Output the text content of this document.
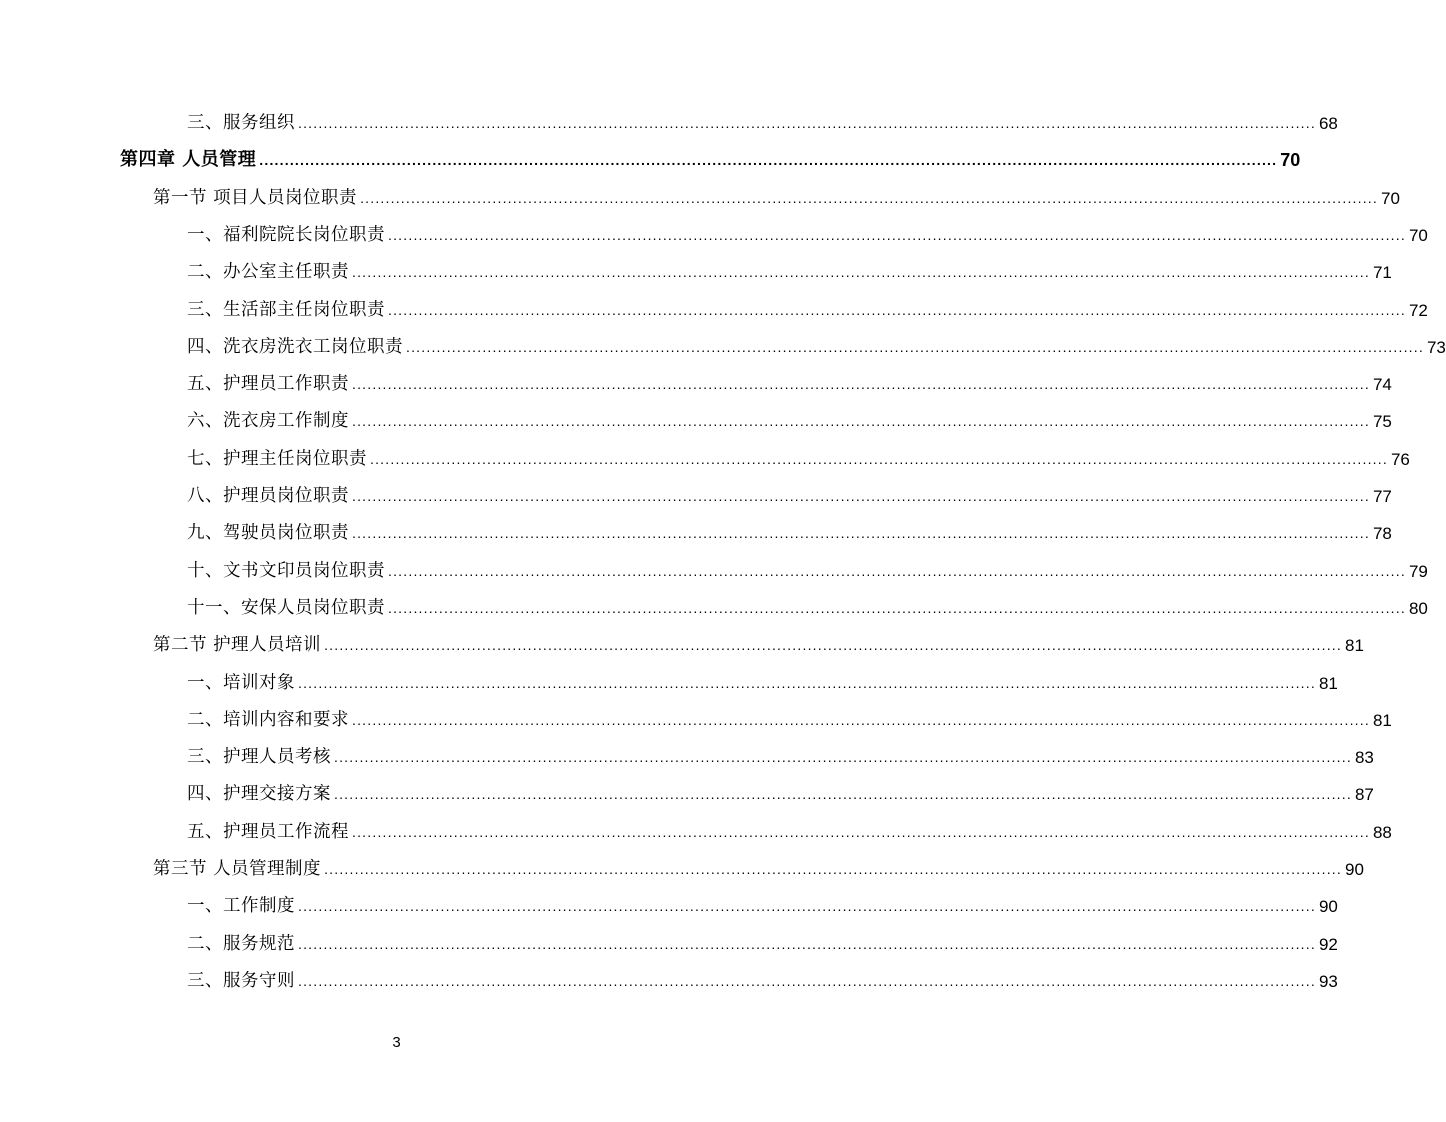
三、服务组织 ........................................................................................................................................................................................................ 68
第四章 人员管理 ........................................................................................................................................................................................................ 70
第一节 项目人员岗位职责 ........................................................................................................................................................................................................ 70
一、福利院院长岗位职责 ........................................................................................................................................................................................................ 70
二、办公室主任职责 ........................................................................................................................................................................................................ 71
三、生活部主任岗位职责 ........................................................................................................................................................................................................ 72
四、洗衣房洗衣工岗位职责 ........................................................................................................................................................................................................ 73
五、护理员工作职责 ........................................................................................................................................................................................................ 74
六、洗衣房工作制度 ........................................................................................................................................................................................................ 75
七、护理主任岗位职责 ........................................................................................................................................................................................................ 76
八、护理员岗位职责 ........................................................................................................................................................................................................ 77
九、驾驶员岗位职责 ........................................................................................................................................................................................................ 78
十、文书文印员岗位职责 ........................................................................................................................................................................................................ 79
十一、安保人员岗位职责 ........................................................................................................................................................................................................ 80
第二节 护理人员培训 ........................................................................................................................................................................................................ 81
一、培训对象 ........................................................................................................................................................................................................ 81
二、培训内容和要求 ........................................................................................................................................................................................................ 81
三、护理人员考核 ........................................................................................................................................................................................................ 83
四、护理交接方案 ........................................................................................................................................................................................................ 87
五、护理员工作流程 ........................................................................................................................................................................................................ 88
第三节 人员管理制度 ........................................................................................................................................................................................................ 90
一、工作制度 ........................................................................................................................................................................................................ 90
二、服务规范 ........................................................................................................................................................................................................ 92
三、服务守则 ........................................................................................................................................................................................................ 93
3
